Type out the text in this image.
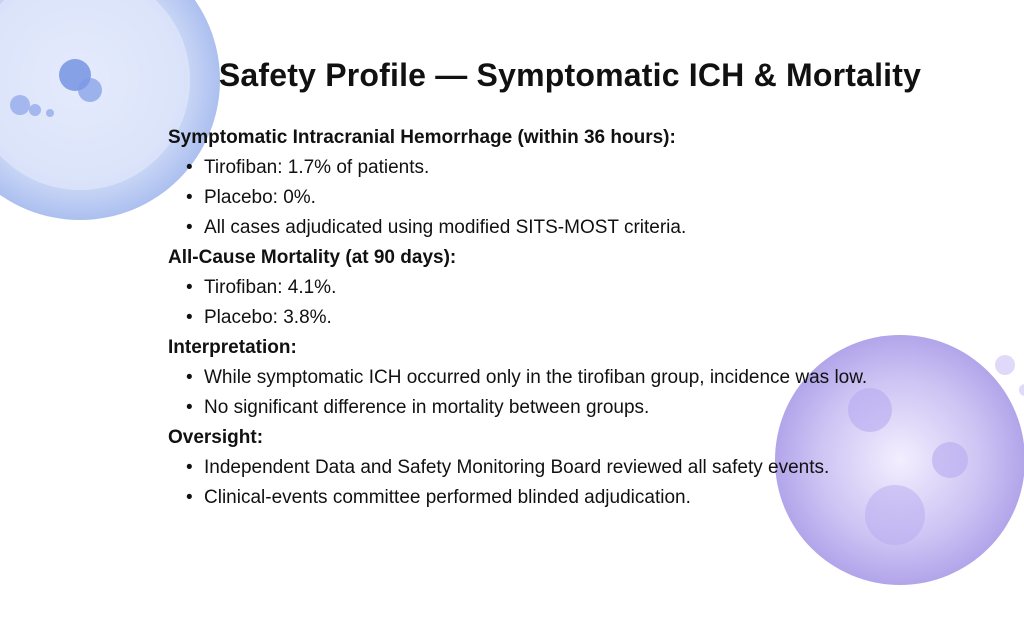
Safety Profile — Symptomatic ICH & Mortality
Symptomatic Intracranial Hemorrhage (within 36 hours):
• Tirofiban: 1.7% of patients.
• Placebo: 0%.
• All cases adjudicated using modified SITS-MOST criteria.
All-Cause Mortality (at 90 days):
• Tirofiban: 4.1%.
• Placebo: 3.8%.
Interpretation:
• While symptomatic ICH occurred only in the tirofiban group, incidence was low.
• No significant difference in mortality between groups.
Oversight:
• Independent Data and Safety Monitoring Board reviewed all safety events.
• Clinical-events committee performed blinded adjudication.
